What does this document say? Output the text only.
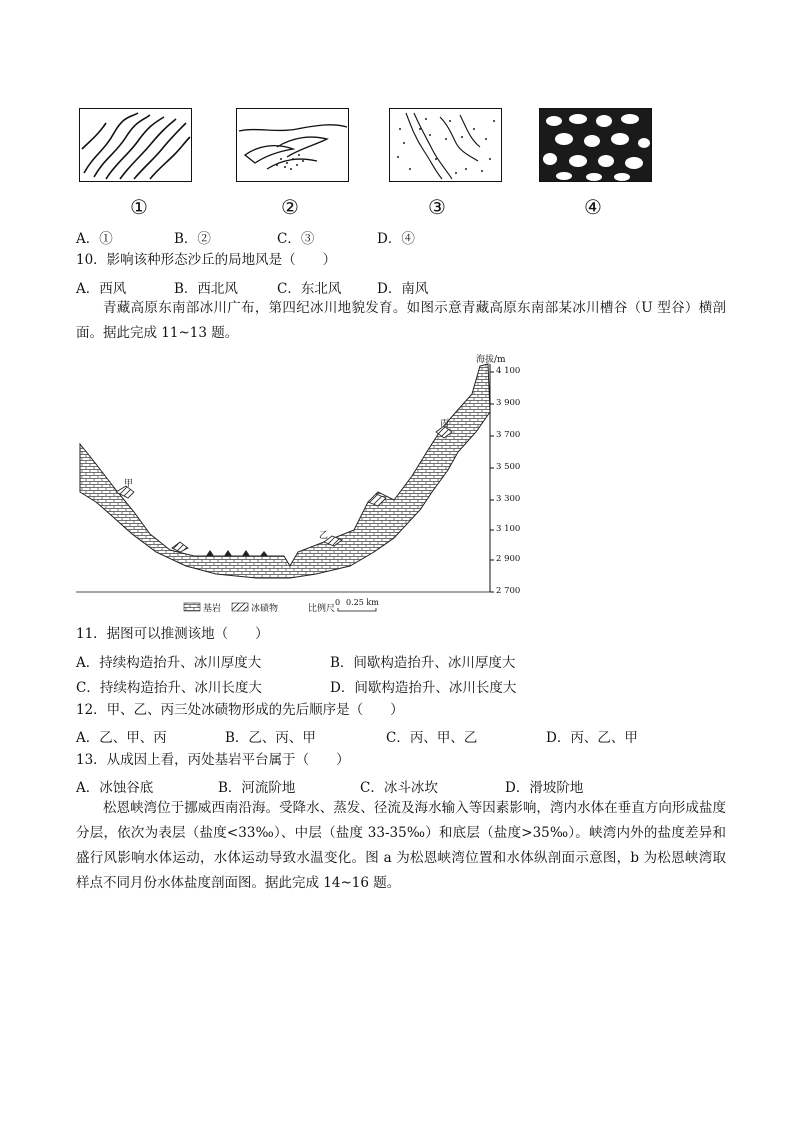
①	②	③	④
A．①	B．②	C．③	D．④
10．影响该种形态沙丘的局地风是（　　）
A．西风	B．西北风	C．东北风	D．南风
青藏高原东南部冰川广布，第四纪冰川地貌发育。如图示意青藏高原东南部某冰川槽谷（U 型谷）横剖面。据此完成 11~13 题。
海拔/m
4 100
3 900
3 700
3 500
3 300
3 100
2 900
2 700
甲
乙
丙
基岩	冰碛物	比例尺
0 0.25 km
11．据图可以推测该地（　　）
A．持续构造抬升、冰川厚度大	B．间歇构造抬升、冰川厚度大
C．持续构造抬升、冰川长度大	D．间歇构造抬升、冰川长度大
12．甲、乙、丙三处冰碛物形成的先后顺序是（　　）
A．乙、甲、丙	B．乙、丙、甲	C．丙、甲、乙	D．丙、乙、甲
13．从成因上看，丙处基岩平台属于（　　）
A．冰蚀谷底	B．河流阶地	C．冰斗冰坎	D．滑坡阶地
松恩峡湾位于挪威西南沿海。受降水、蒸发、径流及海水输入等因素影响，湾内水体在垂直方向形成盐度分层，依次为表层（盐度<33‰）、中层（盐度 33-35‰）和底层（盐度>35‰）。峡湾内外的盐度差异和盛行风影响水体运动，水体运动导致水温变化。图 a 为松恩峡湾位置和水体纵剖面示意图，b 为松恩峡湾取样点不同月份水体盐度剖面图。据此完成 14~16 题。
